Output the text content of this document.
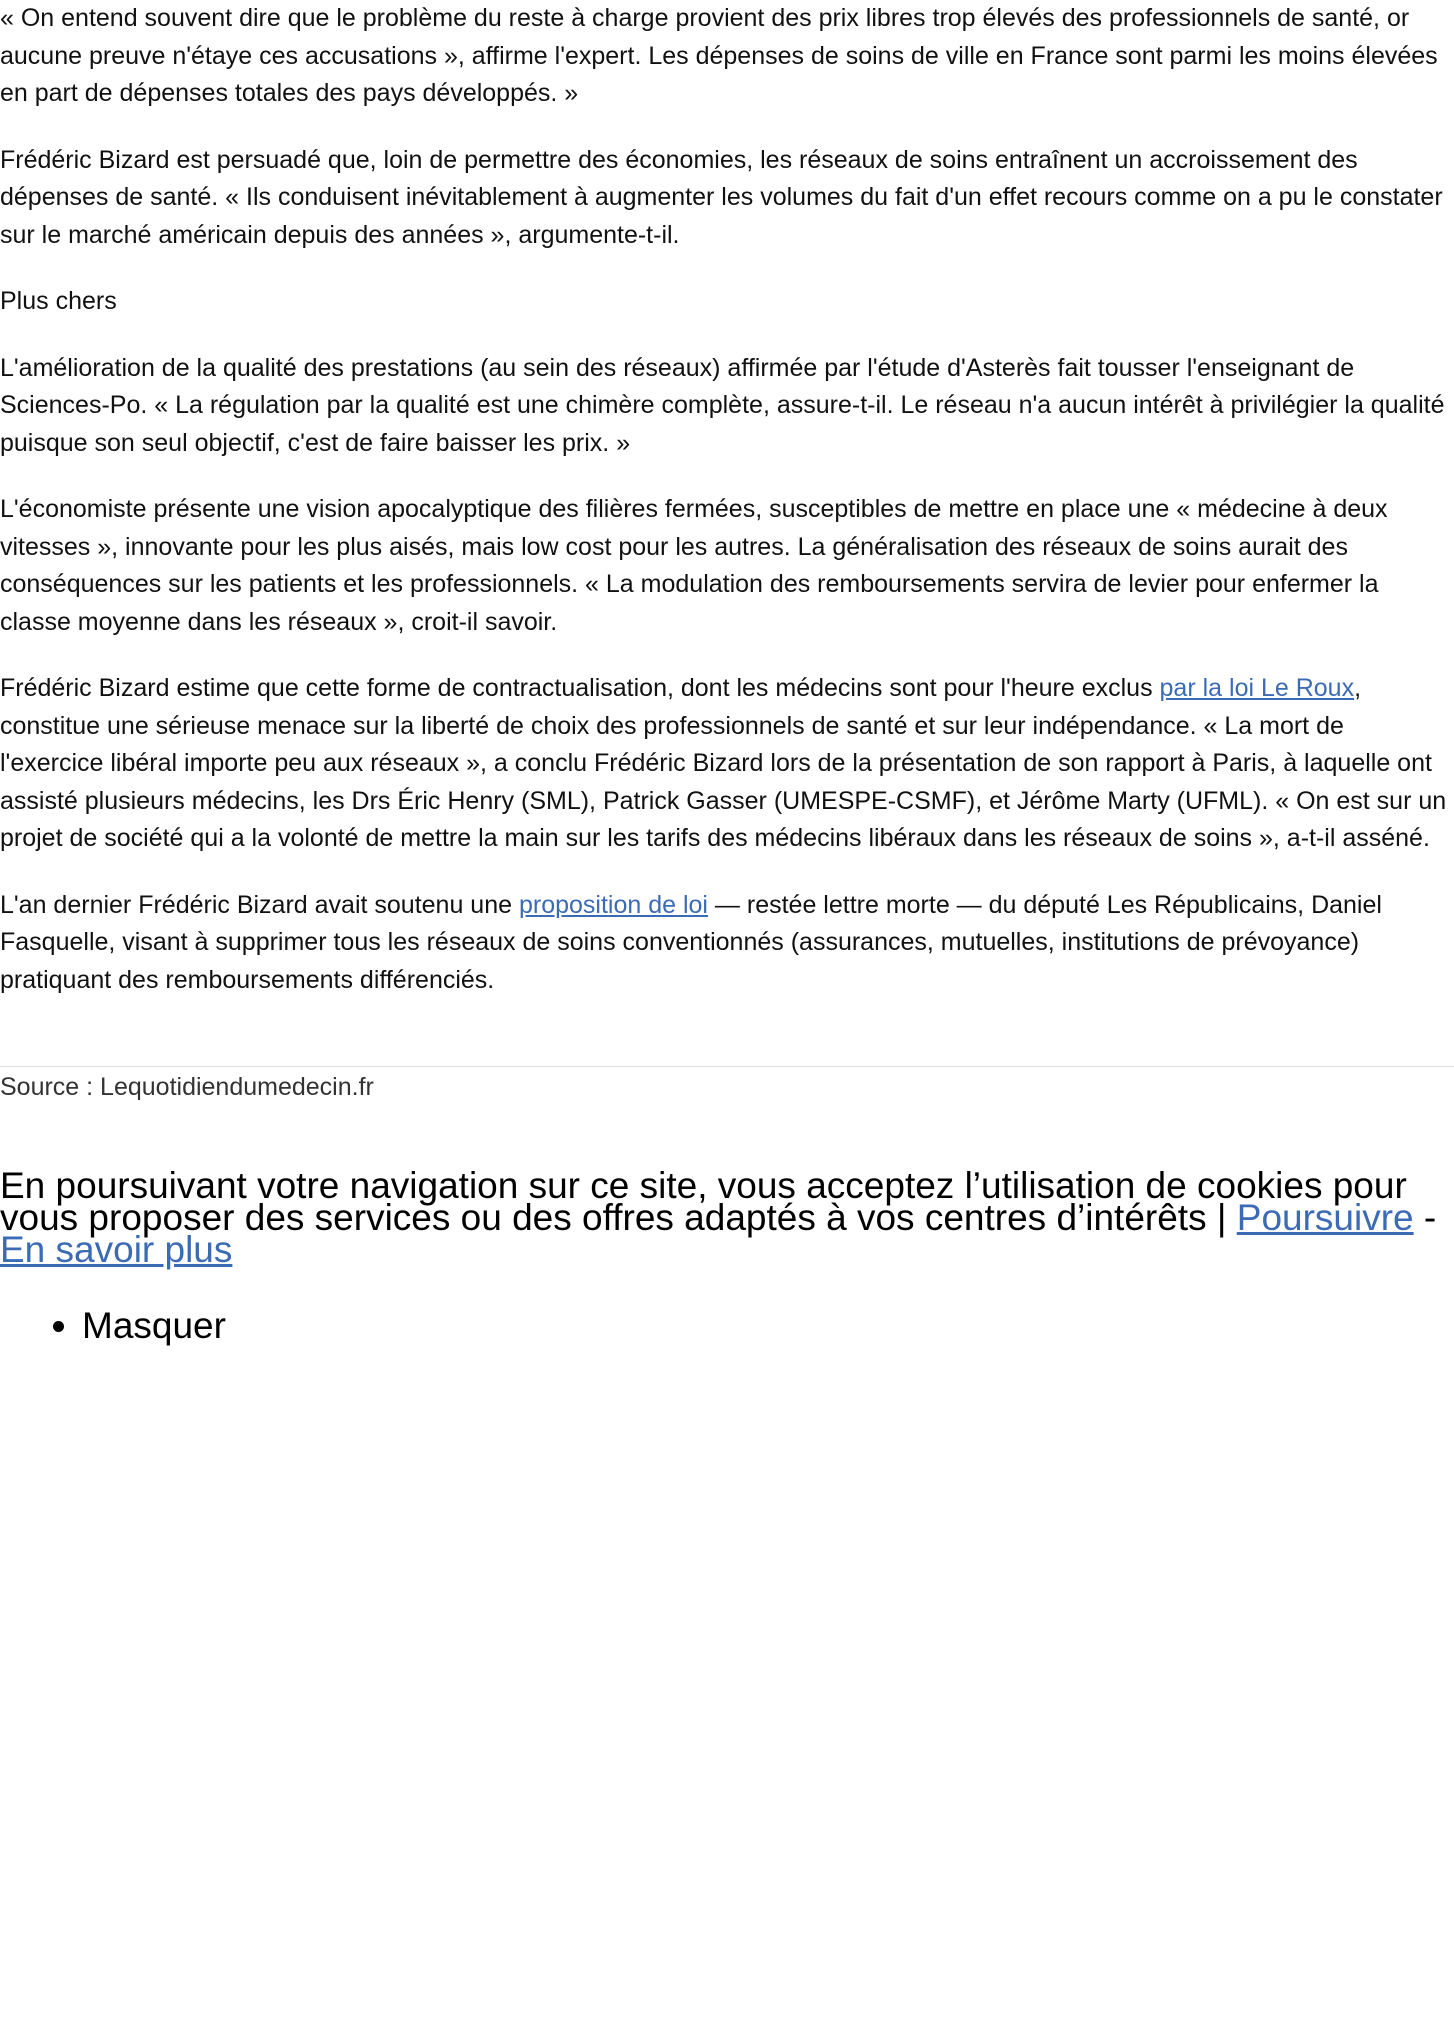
« On entend souvent dire que le problème du reste à charge provient des prix libres trop élevés des professionnels de santé, or aucune preuve n'étaye ces accusations », affirme l'expert. Les dépenses de soins de ville en France sont parmi les moins élevées en part de dépenses totales des pays développés. »

Frédéric Bizard est persuadé que, loin de permettre des économies, les réseaux de soins entraînent un accroissement des dépenses de santé. « Ils conduisent inévitablement à augmenter les volumes du fait d'un effet recours comme on a pu le constater sur le marché américain depuis des années », argumente-t-il.

Plus chers

L'amélioration de la qualité des prestations (au sein des réseaux) affirmée par l'étude d'Asterès fait tousser l'enseignant de Sciences-Po. « La régulation par la qualité est une chimère complète, assure-t-il. Le réseau n'a aucun intérêt à privilégier la qualité puisque son seul objectif, c'est de faire baisser les prix. »

L'économiste présente une vision apocalyptique des filières fermées, susceptibles de mettre en place une « médecine à deux vitesses », innovante pour les plus aisés, mais low cost pour les autres. La généralisation des réseaux de soins aurait des conséquences sur les patients et les professionnels. « La modulation des remboursements servira de levier pour enfermer la classe moyenne dans les réseaux », croit-il savoir.

Frédéric Bizard estime que cette forme de contractualisation, dont les médecins sont pour l'heure exclus par la loi Le Roux, constitue une sérieuse menace sur la liberté de choix des professionnels de santé et sur leur indépendance. « La mort de l'exercice libéral importe peu aux réseaux », a conclu Frédéric Bizard lors de la présentation de son rapport à Paris, à laquelle ont assisté plusieurs médecins, les Drs Éric Henry (SML), Patrick Gasser (UMESPE-CSMF), et Jérôme Marty (UFML). « On est sur un projet de société qui a la volonté de mettre la main sur les tarifs des médecins libéraux dans les réseaux de soins », a-t-il asséné.

L'an dernier Frédéric Bizard avait soutenu une proposition de loi — restée lettre morte — du député Les Républicains, Daniel Fasquelle, visant à supprimer tous les réseaux de soins conventionnés (assurances, mutuelles, institutions de prévoyance) pratiquant des remboursements différenciés.

Source : Lequotidiendumedecin.fr

En poursuivant votre navigation sur ce site, vous acceptez l’utilisation de cookies pour vous proposer des services ou des offres adaptés à vos centres d’intérêts | Poursuivre - En savoir plus
• Masquer
